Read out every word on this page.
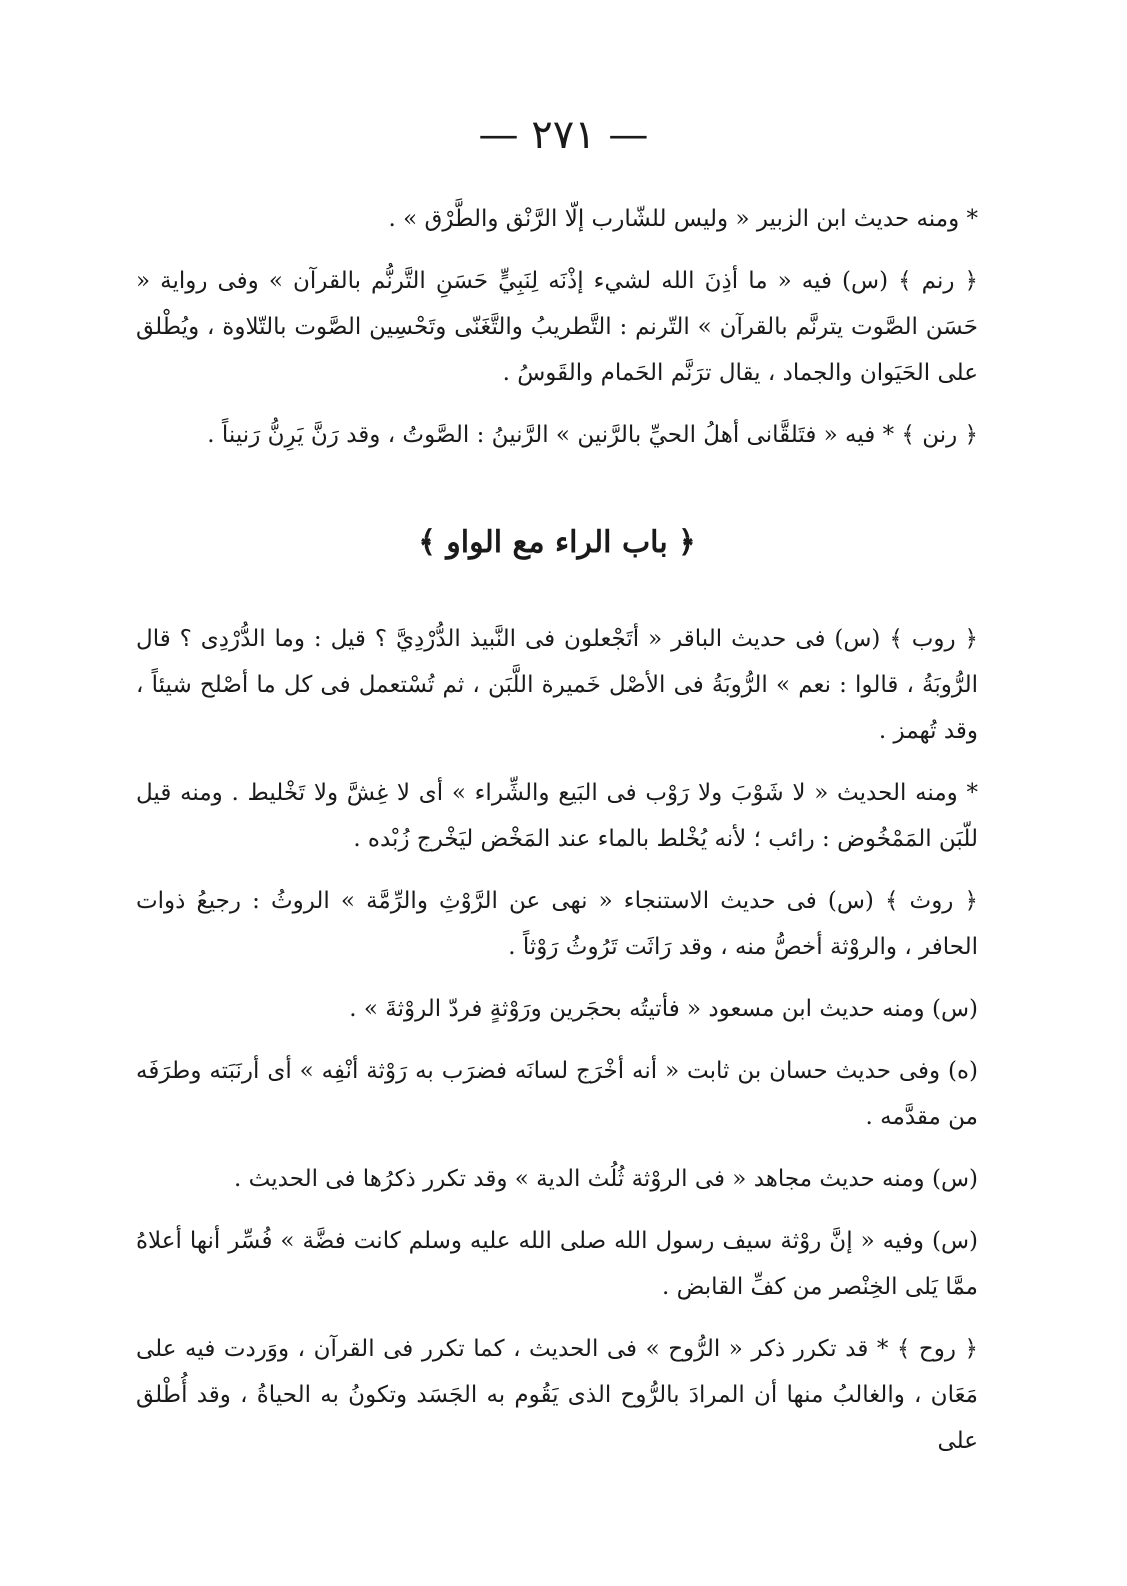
— ٢٧١ —

* ومنه حديث ابن الزبير « وليس للشّارب إلّا الرَّنْق والطَّرْق » .

﴿ رنم ﴾ (س) فيه « ما أذِنَ الله لشيء إذْنَه لِنَبِيٍّ حَسَنِ التَّرنُّم بالقرآن » وفى رواية « حَسَن الصَّوت يترنَّم بالقرآن » التّرنم : التَّطريبُ والتَّغَنّى وتَحْسِين الصَّوت بالتّلاوة ، ويُطْلق على الحَيَوان والجماد ، يقال ترَنَّم الحَمام والقَوسُ .

﴿ رنن ﴾ * فيه « فتَلقَّانى أهلُ الحيِّ بالرَّنين » الرَّنينُ : الصَّوتُ ، وقد رَنَّ يَرِنُّ رَنيناً .

﴿ باب الراء مع الواو ﴾

﴿ روب ﴾ (س) فى حديث الباقر « أتَجْعلون فى النَّبيذ الدُّرْدِيَّ ؟ قيل : وما الدُّرْدِى ؟ قال الرُّوبَةُ ، قالوا : نعم » الرُّوبَةُ فى الأصْل خَميرة اللَّبَن ، ثم تُسْتعمل فى كل ما أصْلح شيئاً ، وقد تُهمز .

* ومنه الحديث « لا شَوْبَ ولا رَوْب فى البَيع والشِّراء » أى لا غِشَّ ولا تَخْليط . ومنه قيل للّبَن المَمْخُوض : رائب ؛ لأنه يُخْلط بالماء عند المَخْض ليَخْرج زُبْده .

﴿ روث ﴾ (س) فى حديث الاستنجاء « نهى عن الرَّوْثِ والرِّمَّة » الروثُ : رجيعُ ذوات الحافر ، والروْثة أخصُّ منه ، وقد رَاثَت تَرُوثُ رَوْثاً .

(س) ومنه حديث ابن مسعود « فأتيتُه بحجَرين ورَوْثةٍ فردّ الروْثةَ » .

(ه) وفى حديث حسان بن ثابت « أنه أخْرَج لسانَه فضرَب به رَوْثة أنْفِه » أى أرنَبَته وطرَفَه من مقدَّمه .

(س) ومنه حديث مجاهد « فى الروْثة ثُلُث الدية » وقد تكرر ذكرُها فى الحديث .

(س) وفيه « إنَّ روْثة سيف رسول الله صلى الله عليه وسلم كانت فضَّة » فُسِّر أنها أعلاهُ ممَّا يَلى الخِنْصر من كفِّ القابض .

﴿ روح ﴾ * قد تكرر ذكر « الرُّوح » فى الحديث ، كما تكرر فى القرآن ، ووَردت فيه على مَعَان ، والغالبُ منها أن المرادَ بالرُّوح الذى يَقُوم به الجَسَد وتكونُ به الحياةُ ، وقد أُطْلق على
